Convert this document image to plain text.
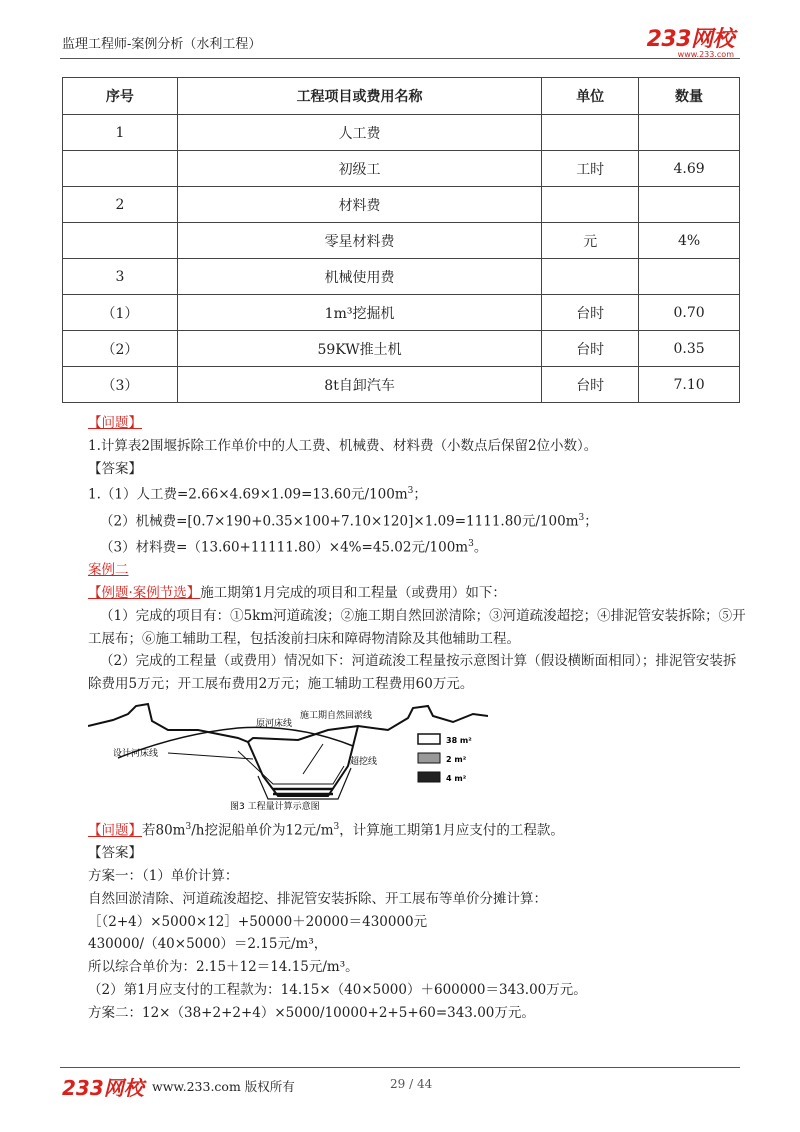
监理工程师-案例分析（水利工程）	233网校
www.233.com
序号	工程项目或费用名称	单位	数量
1	人工费		
	初级工	工时	4.69
2	材料费		
	零星材料费	元	4%
3	机械使用费		
（1）	1m³挖掘机	台时	0.70
（2）	59KW推土机	台时	0.35
（3）	8t自卸汽车	台时	7.10

【问题】

1.计算表2围堰拆除工作单价中的人工费、机械费、材料费（小数点后保留2位小数）。

【答案】

1.（1）人工费=2.66×4.69×1.09=13.60元$/100m^3$；

（2）机械费=[0.7×190+0.35×100+7.10×120]×1.09=1111.80元$/100m^3$；

（3）材料费=（13.60+11111.80）×4%=45.02元$/100m^3$。

案例二

【例题·案例节选】施工期第1月完成的项目和工程量（或费用）如下：

（1）完成的项目有：①5km河道疏浚；②施工期自然回淤清除；③河道疏浚超挖；④排泥管安装拆除；⑤开工展布；⑥施工辅助工程，包括浚前扫床和障碍物清除及其他辅助工程。

（2）完成的工程量（或费用）情况如下：河道疏浚工程量按示意图计算（假设横断面相同）；排泥管安装拆除费用5万元；开工展布费用2万元；施工辅助工程费用60万元。

原河床线
施工期自然回淤线
设计河床线
超挖线
图3 工程量计算示意图
38 m²
2 m²
4 m²

【问题】若$80m^3/h$挖泥船单价为12元$/m^3$，计算施工期第1月应支付的工程款。

【答案】

方案一：（1）单价计算：

自然回淤清除、河道疏浚超挖、排泥管安装拆除、开工展布等单价分摊计算：

［（2+4）×5000×12］+50000＋20000＝430000元

430000/（40×5000）＝2.15元/m³，

所以综合单价为：2.15＋12＝14.15元/m³。

（2）第1月应支付的工程款为：14.15×（40×5000）＋600000＝343.00万元。

方案二：12×（38+2+2+4）×5000/10000+2+5+60=343.00万元。

233网校 www.233.com 版权所有	29 / 44
